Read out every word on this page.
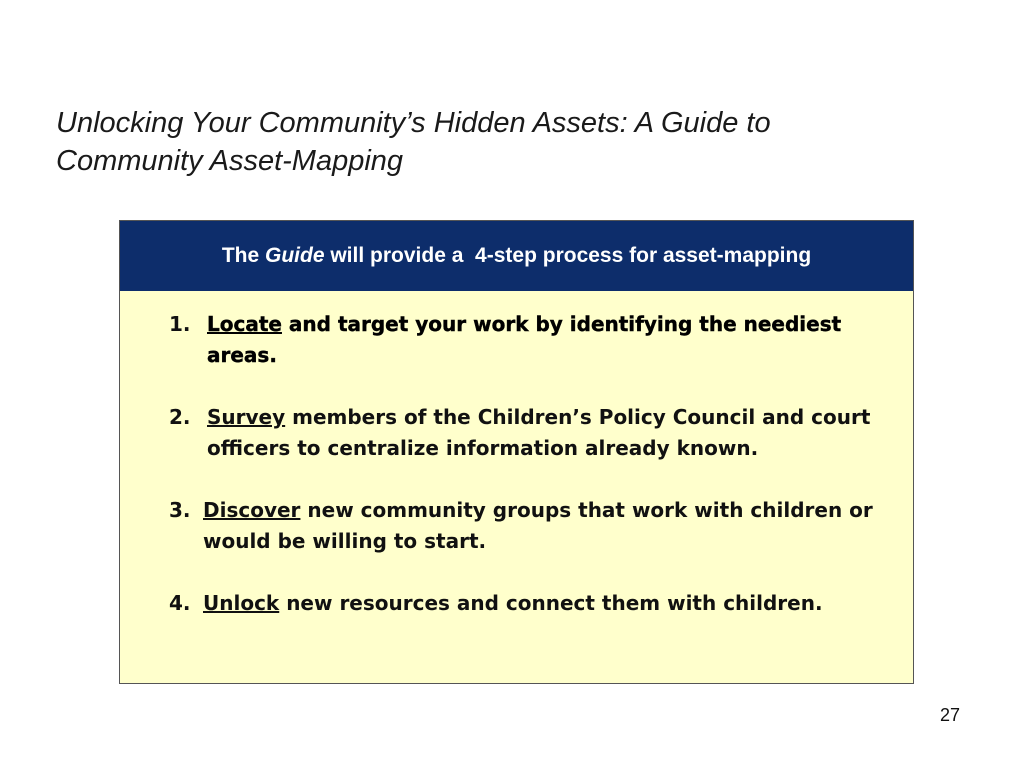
Unlocking Your Community’s Hidden Assets: A Guide to
Community Asset-Mapping
The Guide will provide a  4-step process for asset-mapping
1. Locate and target your work by identifying the neediest areas.
2. Survey members of the Children’s Policy Council and court officers to centralize information already known.
3. Discover new community groups that work with children or would be willing to start.
4. Unlock new resources and connect them with children.
27
